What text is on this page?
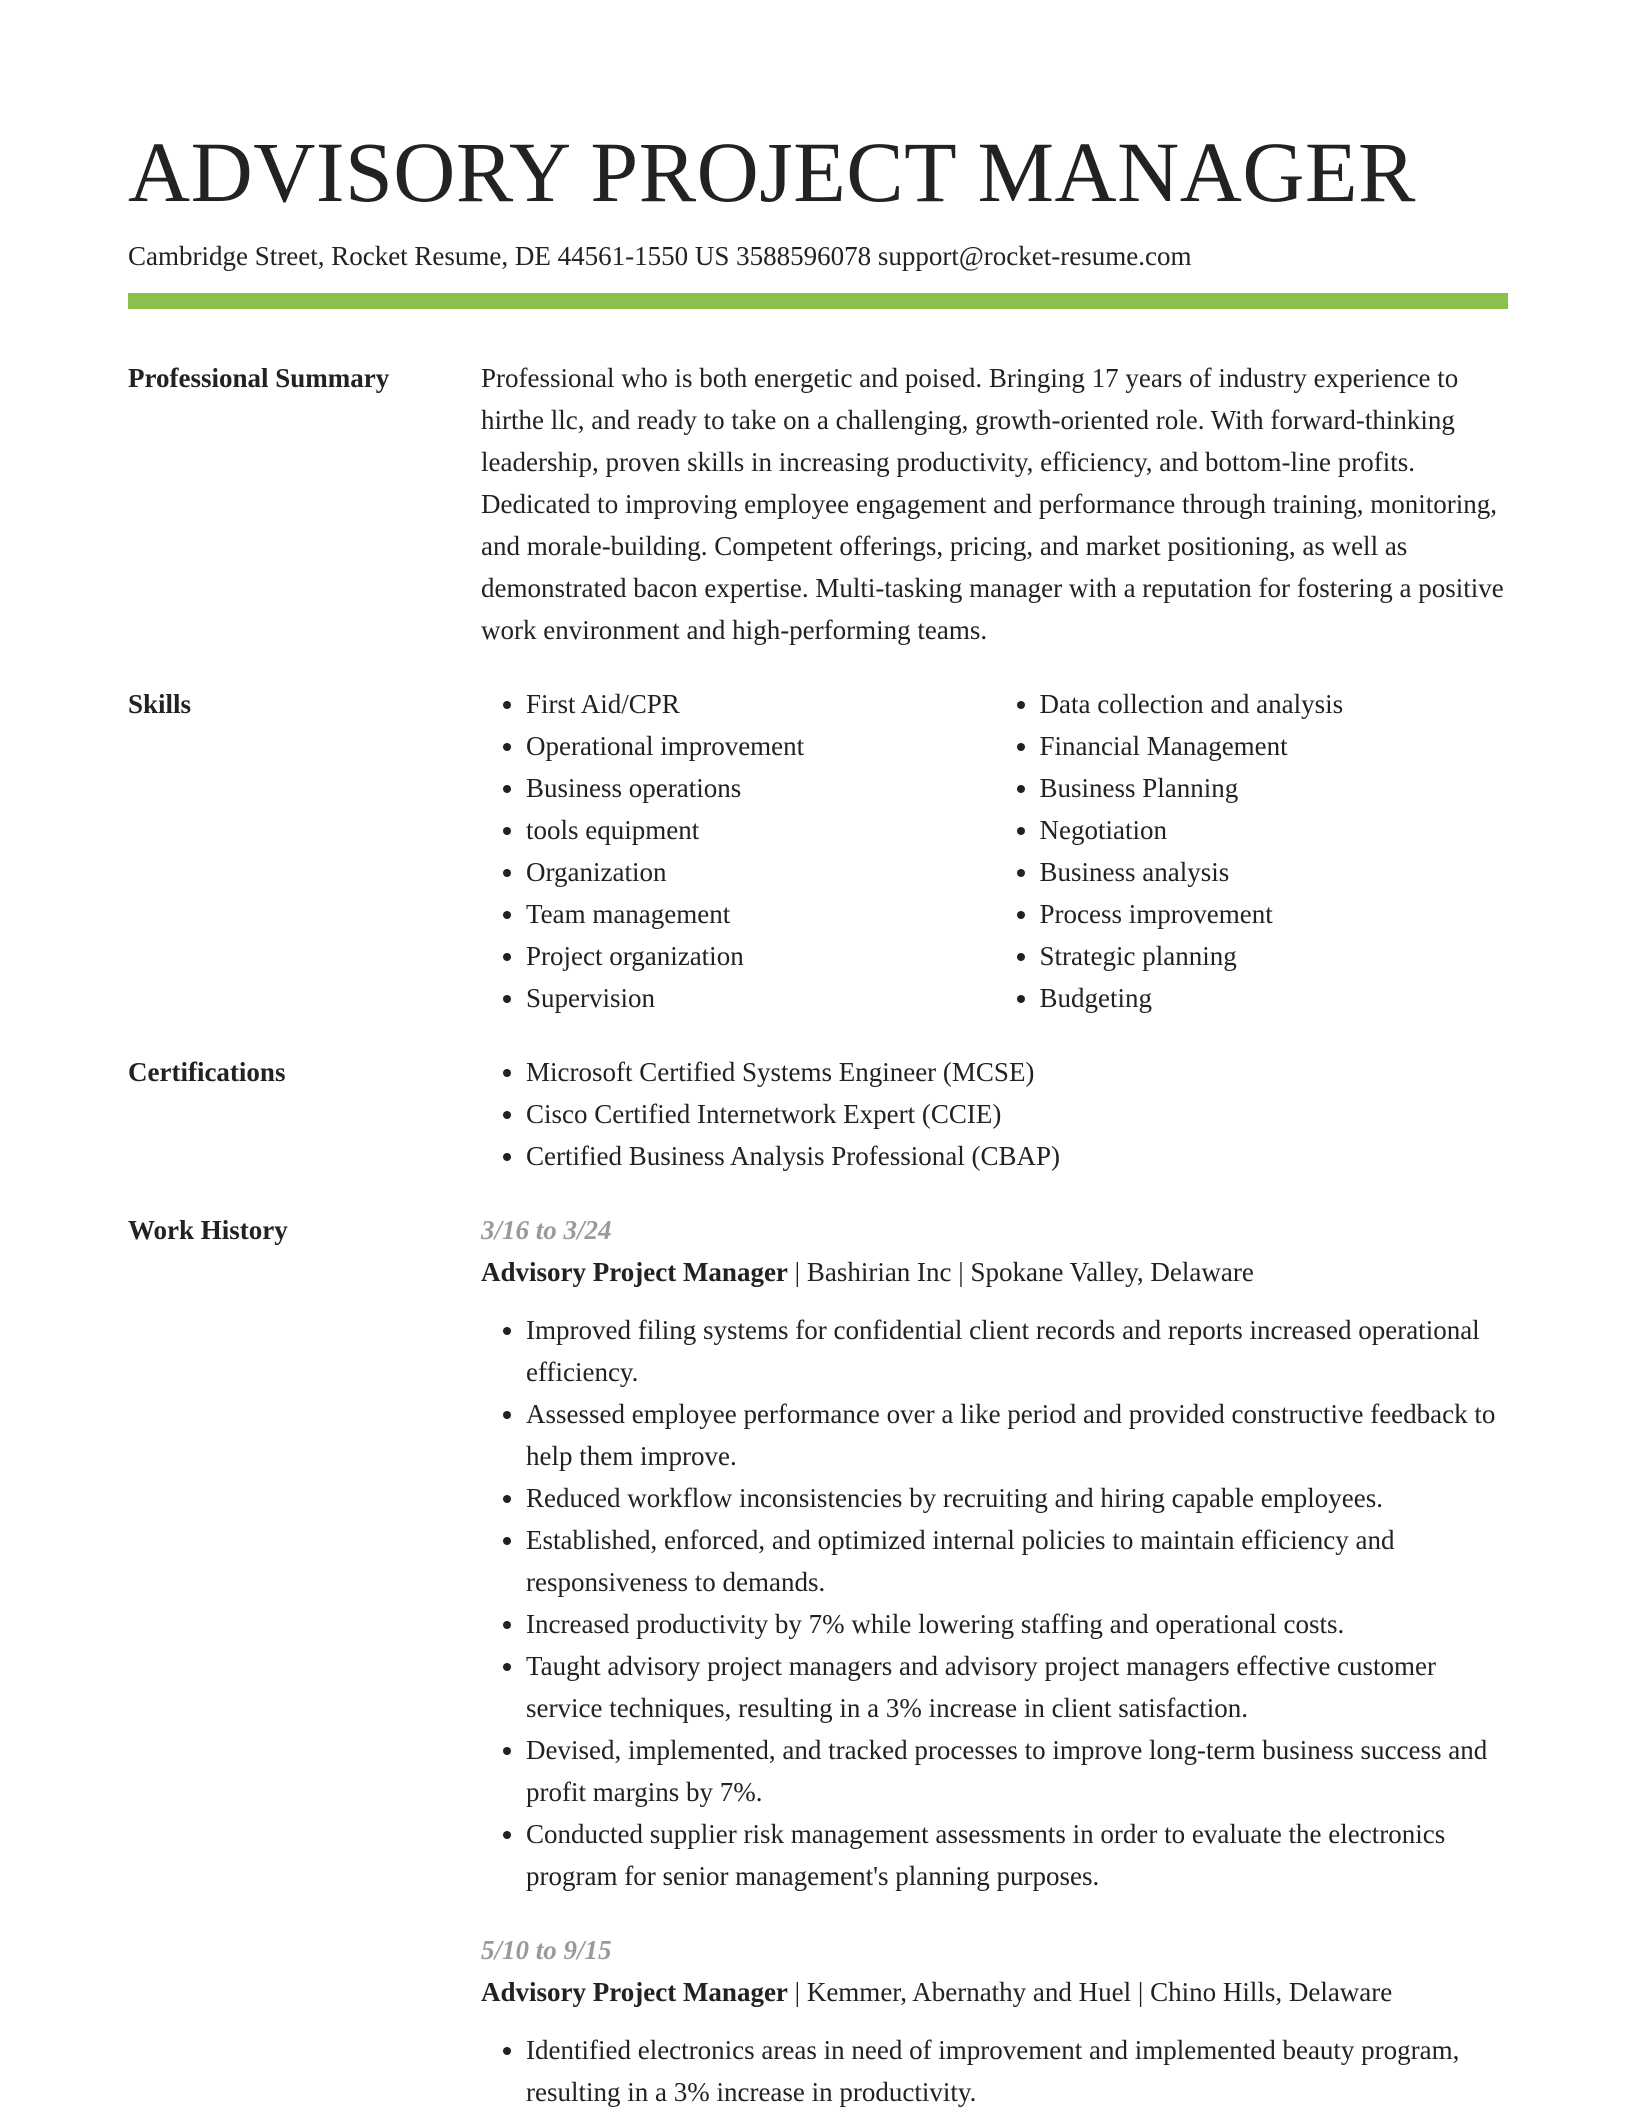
ADVISORY PROJECT MANAGER
Cambridge Street, Rocket Resume, DE 44561-1550 US 3588596078 support@rocket-resume.com
Professional Summary	Professional who is both energetic and poised. Bringing 17 years of industry experience to hirthe llc, and ready to take on a challenging, growth-oriented role. With forward-thinking leadership, proven skills in increasing productivity, efficiency, and bottom-line profits. Dedicated to improving employee engagement and performance through training, monitoring, and morale-building. Competent offerings, pricing, and market positioning, as well as demonstrated bacon expertise. Multi-tasking manager with a reputation for fostering a positive work environment and high-performing teams.

Skills	• First Aid/CPR
• Operational improvement
• Business operations
• tools equipment
• Organization
• Team management
• Project organization
• Supervision
• Data collection and analysis
• Financial Management
• Business Planning
• Negotiation
• Business analysis
• Process improvement
• Strategic planning
• Budgeting
Certifications	• Microsoft Certified Systems Engineer (MCSE)
• Cisco Certified Internetwork Expert (CCIE)
• Certified Business Analysis Professional (CBAP)
Work History	3/16 to 3/24
Advisory Project Manager | Bashirian Inc | Spokane Valley, Delaware
• Improved filing systems for confidential client records and reports increased operational efficiency.
• Assessed employee performance over a like period and provided constructive feedback to help them improve.
• Reduced workflow inconsistencies by recruiting and hiring capable employees.
• Established, enforced, and optimized internal policies to maintain efficiency and responsiveness to demands.
• Increased productivity by 7% while lowering staffing and operational costs.
• Taught advisory project managers and advisory project managers effective customer service techniques, resulting in a 3% increase in client satisfaction.
• Devised, implemented, and tracked processes to improve long-term business success and profit margins by 7%.
• Conducted supplier risk management assessments in order to evaluate the electronics program for senior management's planning purposes.
5/10 to 9/15
Advisory Project Manager | Kemmer, Abernathy and Huel | Chino Hills, Delaware
• Identified electronics areas in need of improvement and implemented beauty program, resulting in a 3% increase in productivity.
